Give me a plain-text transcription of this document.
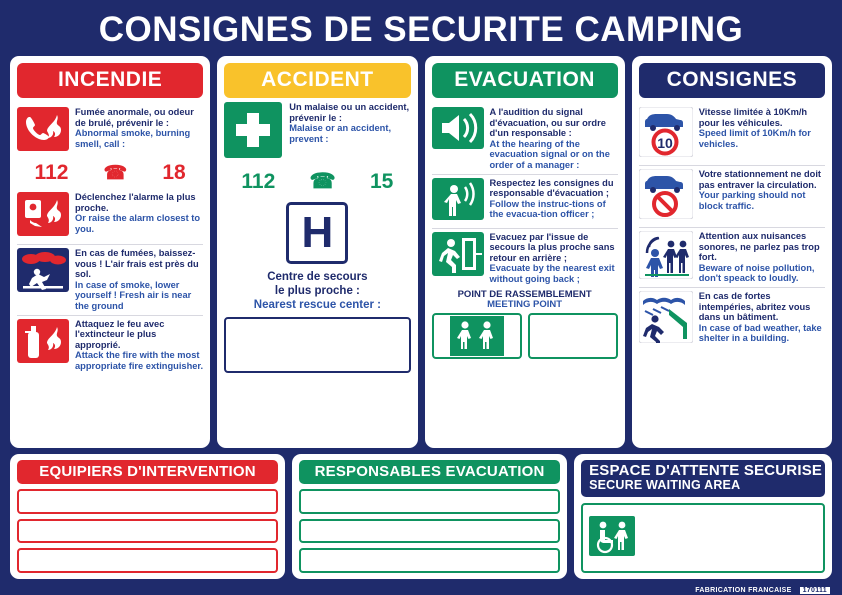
CONSIGNES DE SECURITE CAMPING
INCENDIE
Fumée anormale, ou odeur de brulé, prévenir le :
Abnormal smoke, burning smell, call :
112 ☎ 18
Déclenchez l'alarme la plus proche.
Or raise the alarm closest to you.
En cas de fumées, baissez-vous ! L'air frais est près du sol.
In case of smoke, lower yourself ! Fresh air is near the ground
Attaquez le feu avec l'extincteur le plus approprié.
Attack the fire with the most appropriate fire extinguisher.
ACCIDENT
Un malaise ou un accident, prévenir le :
Malaise or an accident, prevent :
112 ☎ 15
H
Centre de secours
le plus proche :
Nearest rescue center :
EVACUATION
A l'audition du signal d'évacuation, ou sur ordre d'un responsable :
At the hearing of the evacuation signal or on the order of a manager :
Respectez les consignes du responsable d'évacuation ;
Follow the instruc-tions of the evacua-tion officer ;
Evacuez par l'issue de secours la plus proche sans retour en arrière ;
Evacuate by the nearest exit without going back ;
POINT DE RASSEMBLEMENT
MEETING POINT
CONSIGNES
10
Vitesse limitée à 10Km/h pour les véhicules.
Speed limit of 10Km/h for vehicles.
Votre stationnement ne doit pas entraver la circulation.
Your parking should not block traffic.
Attention aux nuisances sonores, ne parlez pas trop fort.
Beware of noise pollution, don't speack to loudly.
En cas de fortes intempéries, abritez vous dans un bâtiment.
In case of bad weather, take shelter in a building.
EQUIPIERS D'INTERVENTION	RESPONSABLES EVACUATION	ESPACE D'ATTENTE SECURISE
SECURE WAITING AREA
FABRICATION FRANCAISE	170111
